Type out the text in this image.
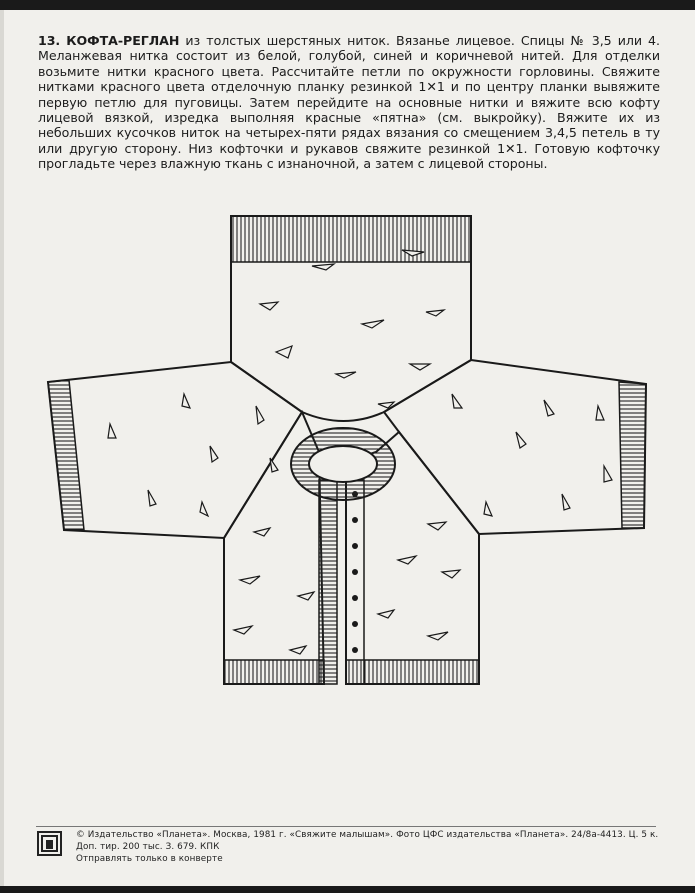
13. КОФТА-РЕГЛАН из толстых шерстяных ниток. Вязанье лицевое. Спицы № 3,5 или 4. Меланжевая нитка состоит из белой, голубой, синей и коричневой нитей. Для отделки возьмите нитки красного цвета. Рассчитайте петли по окружности горловины. Свяжите нитками красного цвета отделочную планку резинкой 1✕1 и по центру планки вывяжите первую петлю для пуговицы. Затем перейдите на основные нитки и вяжите всю кофту лицевой вязкой, изредка выполняя красные «пятна» (см. выкройку). Вяжите их из небольших кусочков ниток на четырех-пяти рядах вязания со смещением 3,4,5 петель в ту или другую сторону. Низ кофточки и рукавов свяжите резинкой 1✕1. Готовую кофточку прогладьте через влажную ткань с изнаночной, а затем с лицевой стороны.
© Издательство «Планета». Москва, 1981 г. «Свяжите малышам». Фото ЦФС издательства «Планета». 24/8а-4413. Ц. 5 к.
Доп. тир. 200 тыс. З. 679. КПК
Отправлять только в конверте
